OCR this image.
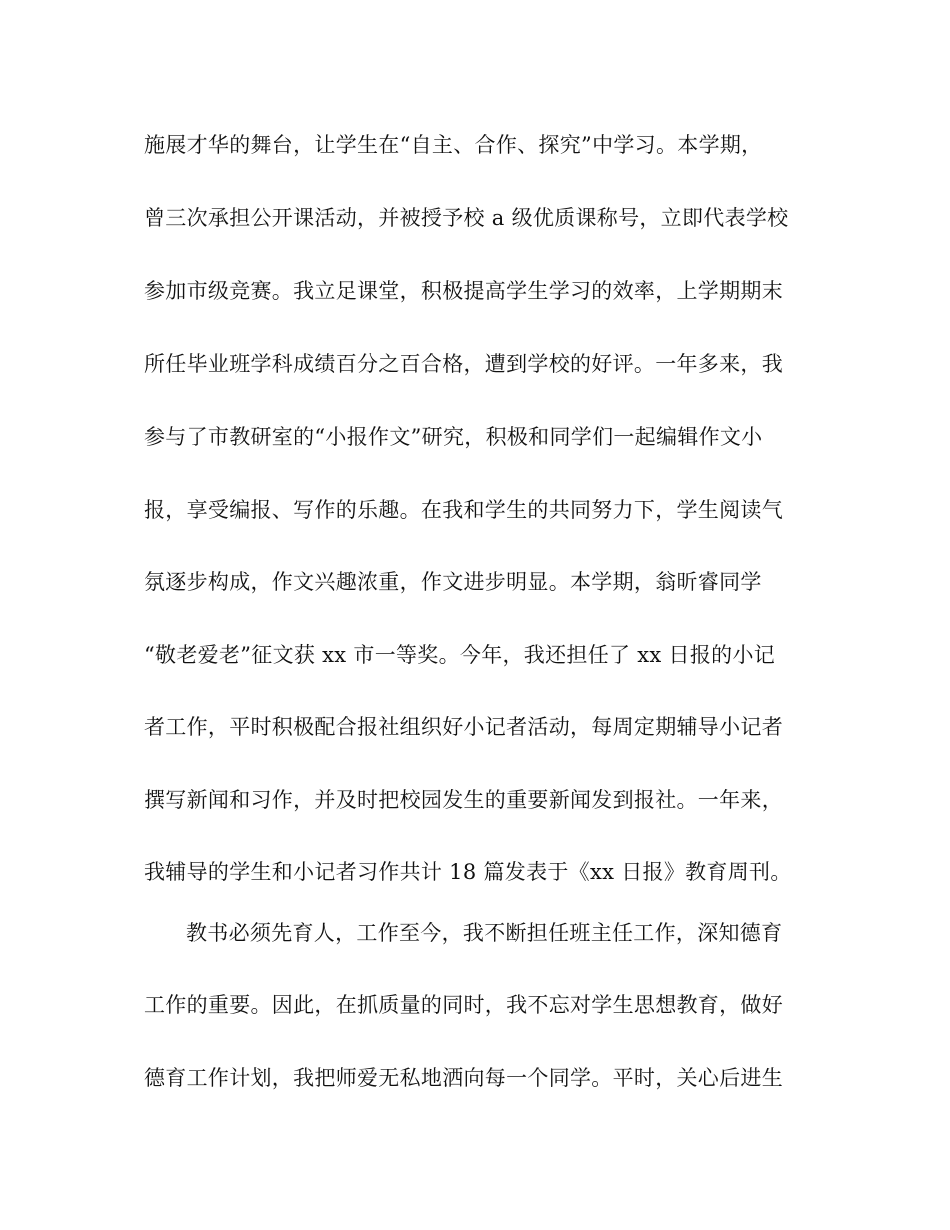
施展才华的舞台，让学生在“自主、合作、探究”中学习。本学期，
曾三次承担公开课活动，并被授予校 a 级优质课称号，立即代表学校
参加市级竞赛。我立足课堂，积极提高学生学习的效率，上学期期末
所任毕业班学科成绩百分之百合格，遭到学校的好评。一年多来，我
参与了市教研室的“小报作文”研究，积极和同学们一起编辑作文小
报，享受编报、写作的乐趣。在我和学生的共同努力下，学生阅读气
氛逐步构成，作文兴趣浓重，作文进步明显。本学期，翁昕睿同学
“敬老爱老”征文获 xx 市一等奖。今年，我还担任了 xx 日报的小记
者工作，平时积极配合报社组织好小记者活动，每周定期辅导小记者
撰写新闻和习作，并及时把校园发生的重要新闻发到报社。一年来，
我辅导的学生和小记者习作共计 18 篇发表于《xx 日报》教育周刊。
教书必须先育人，工作至今，我不断担任班主任工作，深知德育
工作的重要。因此，在抓质量的同时，我不忘对学生思想教育，做好
德育工作计划，我把师爱无私地洒向每一个同学。平时，关心后进生
